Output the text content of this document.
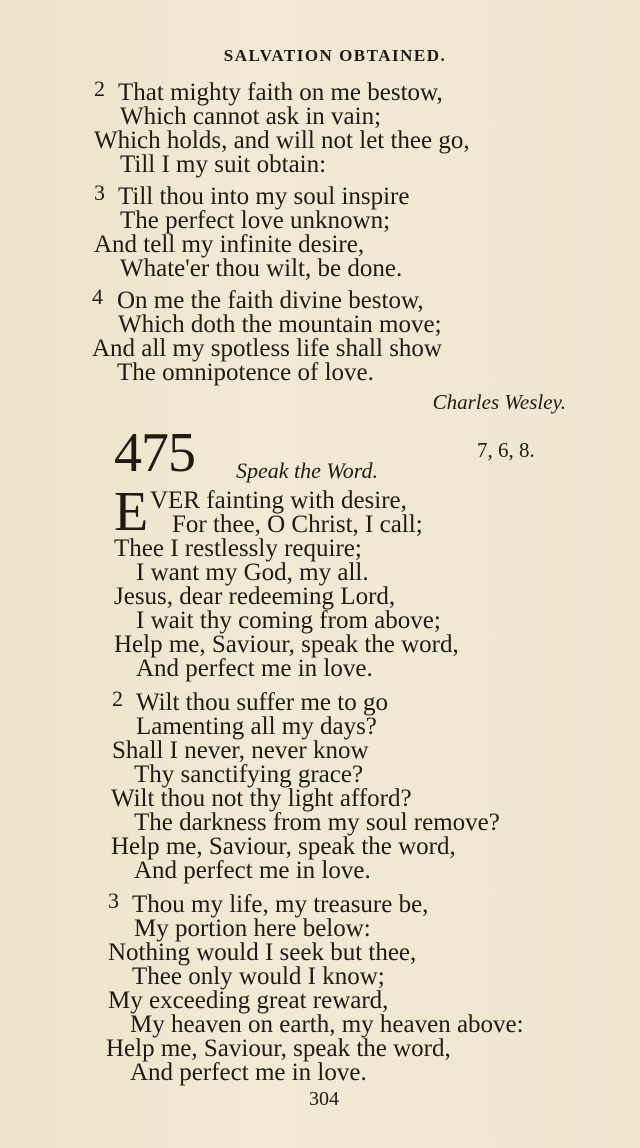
SALVATION OBTAINED.
2 That mighty faith on me bestow,
Which cannot ask in vain;
Which holds, and will not let thee go,
Till I my suit obtain:
3 Till thou into my soul inspire
The perfect love unknown;
And tell my infinite desire,
Whate'er thou wilt, be done.
4 On me the faith divine bestow,
Which doth the mountain move;
And all my spotless life shall show
The omnipotence of love.
Charles Wesley.
475 Speak the Word.
7, 6, 8.
E VER fainting with desire,
For thee, O Christ, I call;
Thee I restlessly require;
I want my God, my all.
Jesus, dear redeeming Lord,
I wait thy coming from above;
Help me, Saviour, speak the word,
And perfect me in love.
2 Wilt thou suffer me to go
Lamenting all my days?
Shall I never, never know
Thy sanctifying grace?
Wilt thou not thy light afford?
The darkness from my soul remove?
Help me, Saviour, speak the word,
And perfect me in love.
3 Thou my life, my treasure be,
My portion here below:
Nothing would I seek but thee,
Thee only would I know;
My exceeding great reward,
My heaven on earth, my heaven above:
Help me, Saviour, speak the word,
And perfect me in love.
304
